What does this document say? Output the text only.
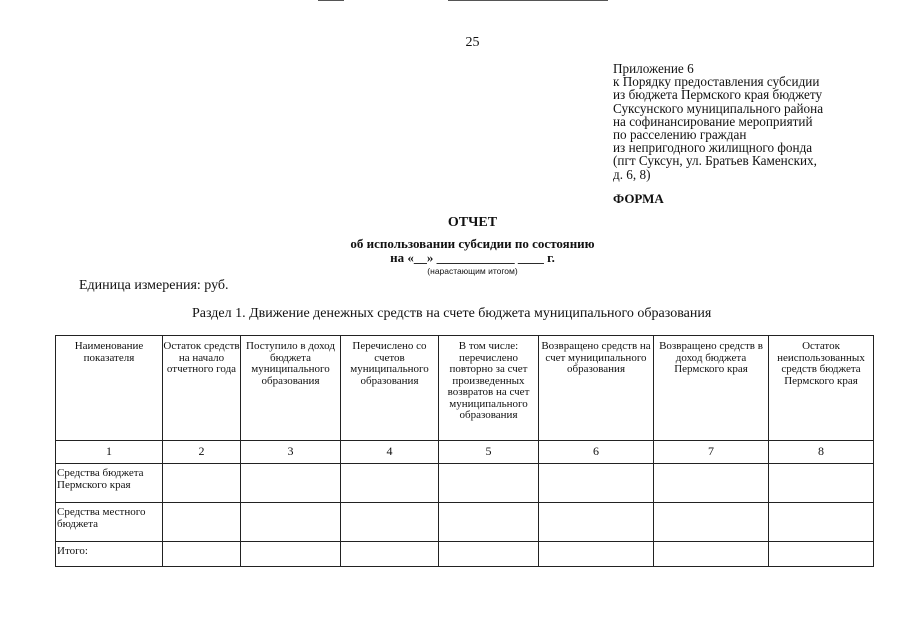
25
Приложение 6
к Порядку предоставления субсидии
из бюджета Пермского края бюджету
Суксунского муниципального района
на софинансирование мероприятий
по расселению граждан
из непригодного жилищного фонда
(пгт Суксун, ул. Братьев Каменских,
д. 6, 8)
ФОРМА
ОТЧЕТ
об использовании субсидии по состоянию
на «__» ____________ ____ г.
(нарастающим итогом)
Единица измерения: руб.
Раздел 1. Движение денежных средств на счете бюджета муниципального образования
Наименование показателя	Остаток средств на начало отчетного года	Поступило в доход бюджета муниципального образования	Перечислено со счетов муниципального образования	В том числе: перечислено повторно за счет произведенных возвратов на счет муниципального образования	Возвращено средств на счет муниципального образования	Возвращено средств в доход бюджета Пермского края	Остаток неиспользованных средств бюджета Пермского края
1	2	3	4	5	6	7	8
Средства бюджета Пермского края							
Средства местного бюджета							
Итого:							
